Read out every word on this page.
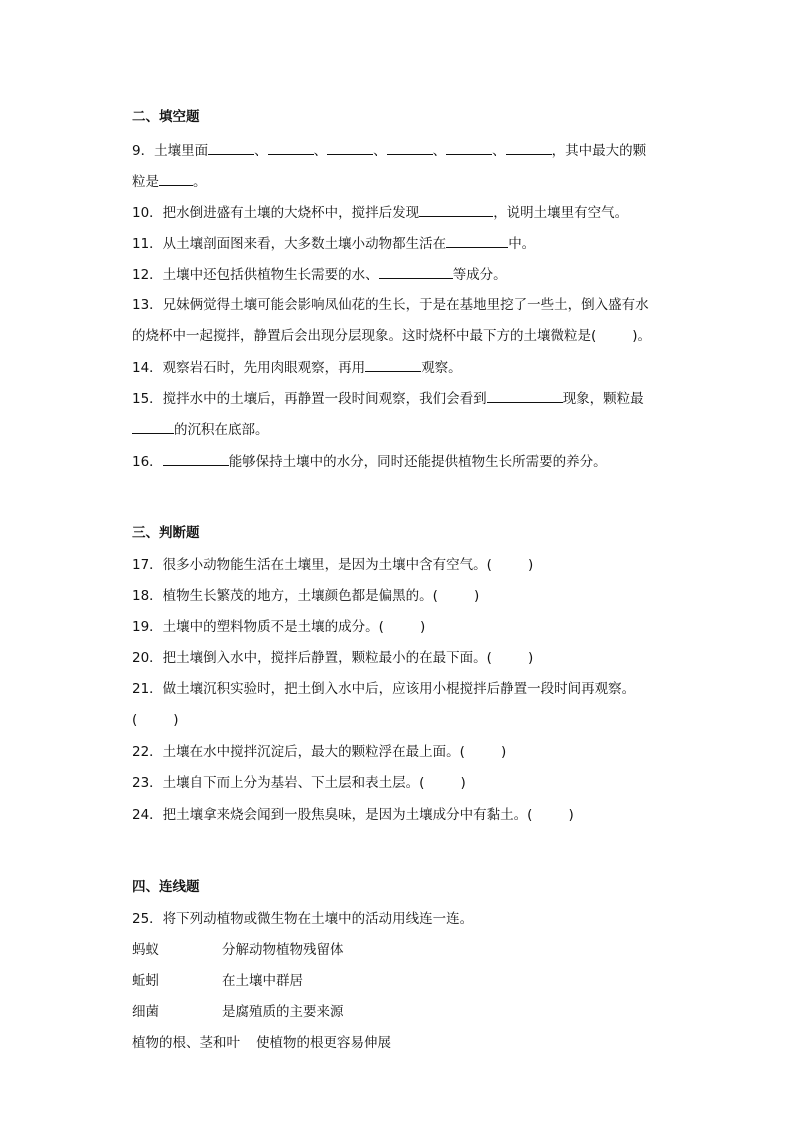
二、填空题
9．土壤里面	、	、	、	、	、	，其中最大的颗
粒是	。
10．把水倒进盛有土壤的大烧杯中，搅拌后发现	，说明土壤里有空气。
11．从土壤剖面图来看，大多数土壤小动物都生活在	中。
12．土壤中还包括供植物生长需要的水、	等成分。
13．兄妹俩觉得土壤可能会影响凤仙花的生长，于是在基地里挖了一些土，倒入盛有水
的烧杯中一起搅拌，静置后会出现分层现象。这时烧杯中最下方的土壤微粒是(	)。
14．观察岩石时，先用肉眼观察，再用	观察。
15．搅拌水中的土壤后，再静置一段时间观察，我们会看到	现象，颗粒最
的沉积在底部。
16．	能够保持土壤中的水分，同时还能提供植物生长所需要的养分。
三、判断题
17．很多小动物能生活在土壤里，是因为土壤中含有空气。(	)
18．植物生长繁茂的地方，土壤颜色都是偏黑的。(	)
19．土壤中的塑料物质不是土壤的成分。(	)
20．把土壤倒入水中，搅拌后静置，颗粒最小的在最下面。(	)
21．做土壤沉积实验时，把土倒入水中后，应该用小棍搅拌后静置一段时间再观察。
(	)
22．土壤在水中搅拌沉淀后，最大的颗粒浮在最上面。(	)
23．土壤自下而上分为基岩、下土层和表土层。(	)
24．把土壤拿来烧会闻到一股焦臭味，是因为土壤成分中有黏土。(	)
四、连线题
25．将下列动植物或微生物在土壤中的活动用线连一连。
蚂蚁	分解动物植物残留体
蚯蚓	在土壤中群居
细菌	是腐殖质的主要来源
植物的根、茎和叶 使植物的根更容易伸展
